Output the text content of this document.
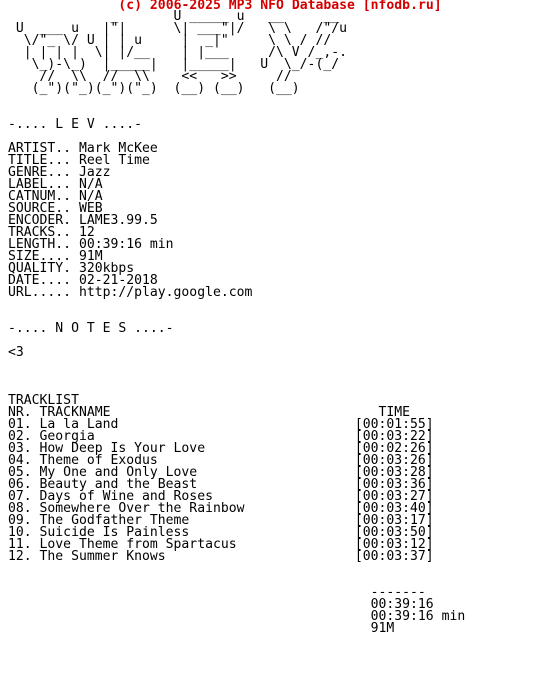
(c) 2006-2025 MP3 NFO Database [nfodb.ru]
_       U _____ u   __     __
U  ___ u   |"|      \| ___"|/   \ \   /"/u
\/"_ \/ U | | u     |  _|"     \ \ / //
| | | |  \| |/__    | |___     /\ V /_,-.
\_)-\_)  |_____|   |_____|   U  \_/-(_/
//  \\  //  \\    <<   >>     //
(_")("_)(_")("_)  (__) (__)   (__)

-.... L E V ....-

ARTIST.. Mark McKee
TITLE... Reel Time
GENRE... Jazz
LABEL... N/A
CATNUM.. N/A
SOURCE.. WEB
ENCODER. LAME3.99.5
TRACKS.. 12
LENGTH.. 00:39:16 min
SIZE.... 91M
QUALITY. 320kbps
DATE.... 02-21-2018
URL..... http://play.google.com

-.... N O T E S ....-

<3

TRACKLIST
NR. TRACKNAME                                  TIME
01. La la Land                              [00:01:55]
02. Georgia                                 [00:03:22]
03. How Deep Is Your Love                   [00:02:26]
04. Theme of Exodus                         [00:03:26]
05. My One and Only Love                    [00:03:28]
06. Beauty and the Beast                    [00:03:36]
07. Days of Wine and Roses                  [00:03:27]
08. Somewhere Over the Rainbow              [00:03:40]
09. The Godfather Theme                     [00:03:17]
10. Suicide Is Painless                     [00:03:50]
11. Love Theme from Spartacus               [00:03:12]
12. The Summer Knows                        [00:03:37]

-------
00:39:16
00:39:16 min
91M
